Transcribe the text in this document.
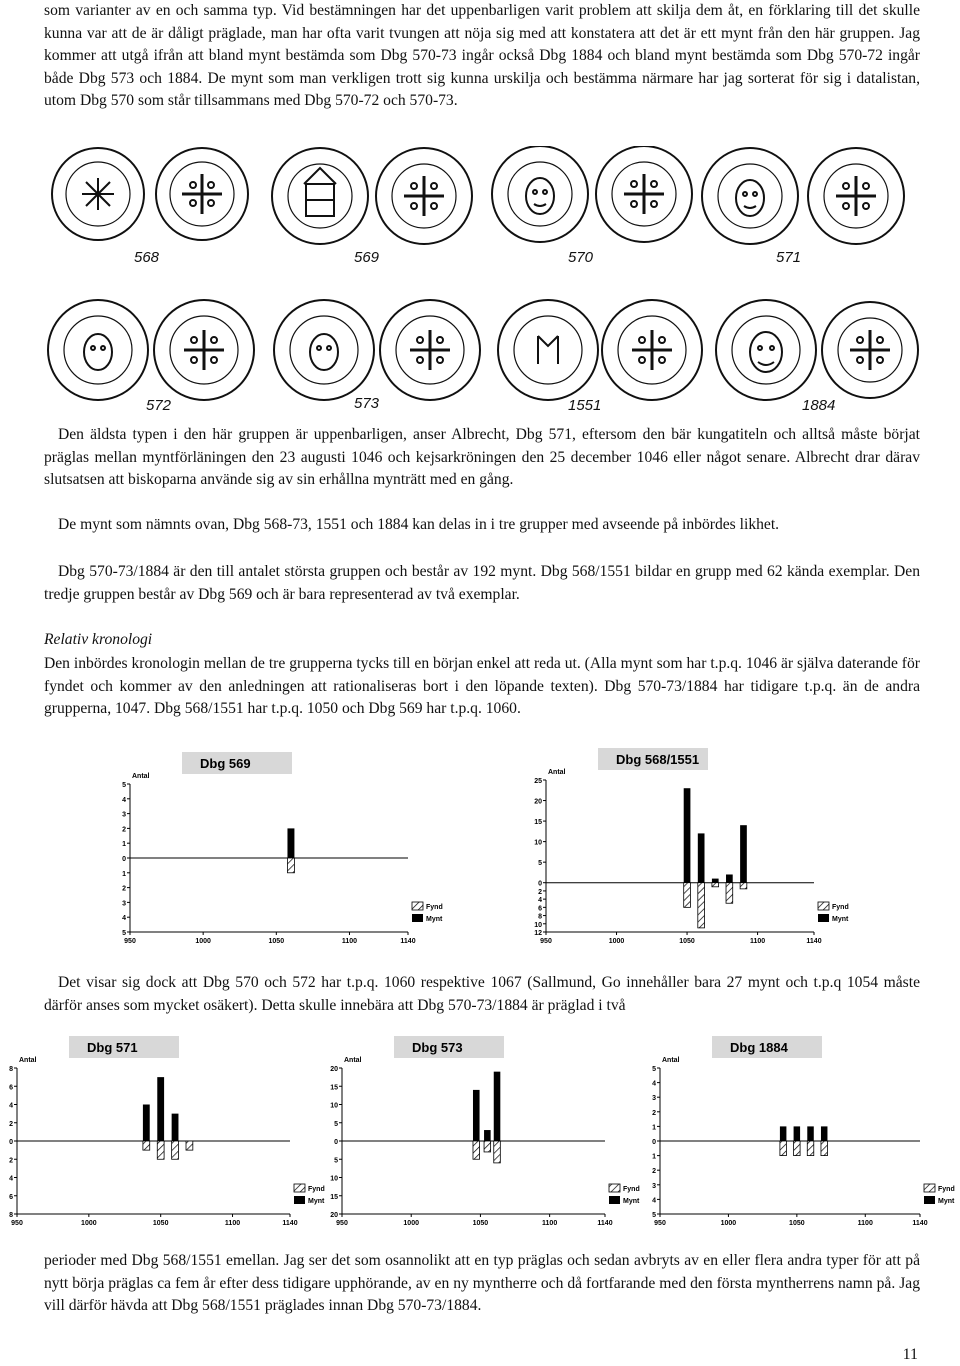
som varianter av en och samma typ. Vid bestämningen har det uppenbarligen varit problem att skilja dem åt, en förklaring till det skulle kunna var att de är dåligt präglade, man har ofta varit tvungen att nöja sig med att konstatera att det är ett mynt från den här gruppen. Jag kommer att utgå ifrån att bland mynt bestämda som Dbg 570-73 ingår också Dbg 1884 och bland mynt bestämda som Dbg 570-72 ingår både Dbg 573 och 1884. De mynt som man verkligen trott sig kunna urskilja och bestämma närmare har jag sorterat för sig i datalistan, utom Dbg 570 som står tillsammans med Dbg 570-72 och 570-73.

568	569	570	571
572	573	1551	1884

Den äldsta typen i den här gruppen är uppenbarligen, anser Albrecht, Dbg 571, eftersom den bär kungatiteln och alltså måste börjat präglas mellan myntförläningen den 23 augusti 1046 och kejsarkröningen den 25 december 1046 eller något senare. Albrecht drar därav slutsatsen att biskoparna använde sig av sin erhållna mynträtt med en gång.

De mynt som nämnts ovan, Dbg 568-73, 1551 och 1884 kan delas in i tre grupper med avseende på inbördes likhet.

Dbg 570-73/1884 är den till antalet största gruppen och består av 192 mynt. Dbg 568/1551 bildar en grupp med 62 kända exemplar. Den tredje gruppen består av Dbg 569 och är bara representerad av två exemplar.

Relativ kronologi

Den inbördes kronologin mellan de tre grupperna tycks till en början enkel att reda ut. (Alla mynt som har t.p.q. 1046 är själva daterande för fyndet och kommer av den anledningen att rationaliseras bort i den löpande texten). Dbg 570-73/1884 har tidigare t.p.q. än de andra grupperna, 1047. Dbg 568/1551 har t.p.q. 1050 och Dbg 569 har t.p.q. 1060.

Dbg 569
Antal
5
4
3
2
1
0
1
2
3
4
5
950	1000	1050	1100	1140
Fynd
Mynt
Dbg 568/1551
Antal
25
20
15
10
5
0
2
4
6
8
10
12
950	1000	1050	1100	1140
Fynd
Mynt

Det visar sig dock att Dbg 570 och 572 har t.p.q. 1060 respektive 1067 (Sallmund, Go innehåller bara 27 mynt och t.p.q 1054 måste därför anses som mycket osäkert). Detta skulle innebära att Dbg 570-73/1884 är präglad i två

Dbg 571
Antal
8
6
4
2
0
2
4
6
8
950	1000	1050	1100	1140
Fynd
Mynt
Dbg 573
Antal
20
15
10
5
0
5
10
15
20
950	1000	1050	1100	1140
Fynd
Mynt
Dbg 1884
Antal
5
4
3
2
1
0
1
2
3
4
5
950	1000	1050	1100	1140
Fynd
Mynt

perioder med Dbg 568/1551 emellan. Jag ser det som osannolikt att en typ präglas och sedan avbryts av en eller flera andra typer för att på nytt börja präglas ca fem år efter dess tidigare upphörande, av en ny myntherre och då fortfarande med den första myntherrens namn på. Jag vill därför hävda att Dbg 568/1551 präglades innan Dbg 570-73/1884.

11
